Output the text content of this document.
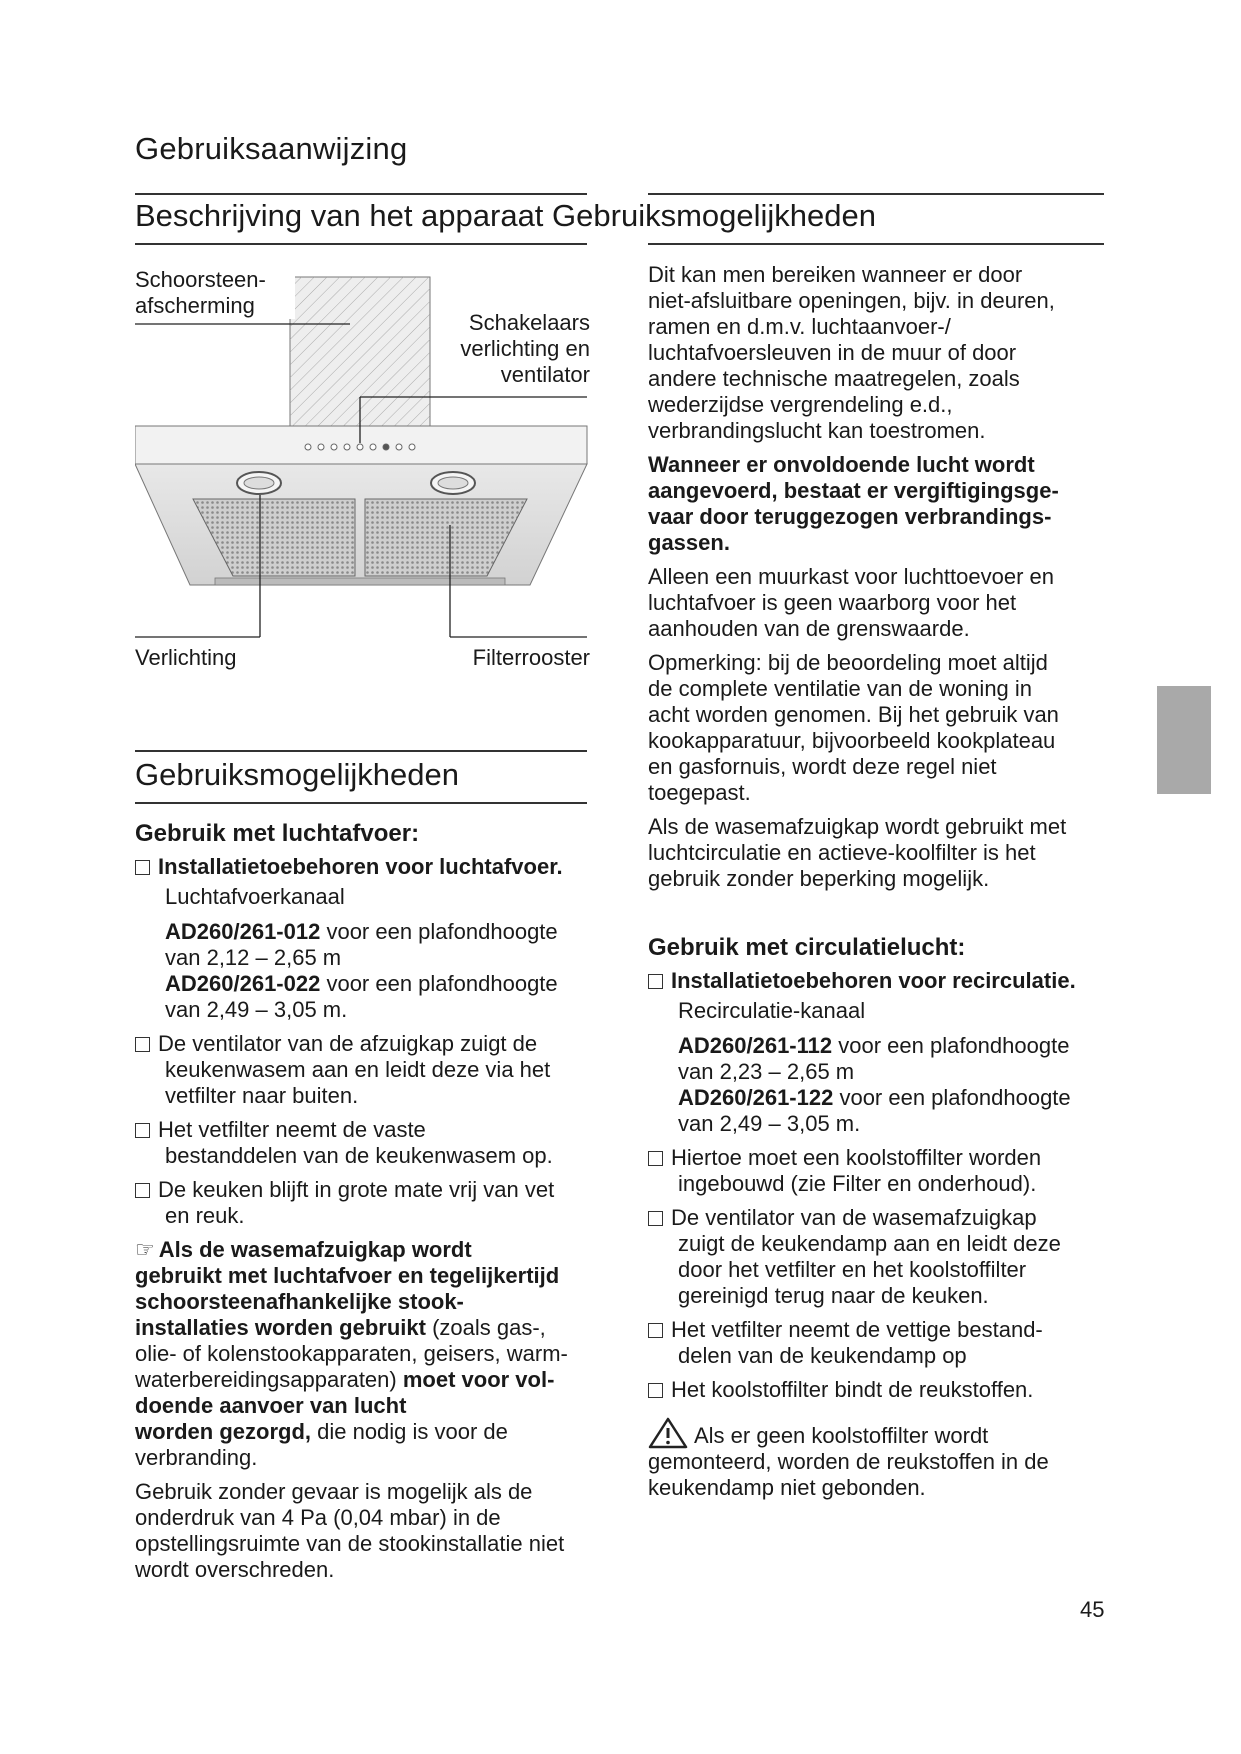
Gebruiksaanwijzing
Beschrijving van het apparaat Gebruiksmogelijkheden
Schoorsteen-
afscherming
Schakelaars
verlichting en
ventilator
Verlichting	Filterrooster
Gebruiksmogelijkheden
Gebruik met luchtafvoer:
Installatietoebehoren voor luchtafvoer.
Luchtafvoerkanaal
AD260/261-012 voor een plafondhoogte
van 2,12 – 2,65 m
AD260/261-022 voor een plafondhoogte
van 2,49 – 3,05 m.
De ventilator van de afzuigkap zuigt de
keukenwasem aan en leidt deze via het
vetfilter naar buiten.
Het vetfilter neemt de vaste
bestanddelen van de keukenwasem op.
De keuken blijft in grote mate vrij van vet
en reuk.
☞ Als de wasemafzuigkap wordt
gebruikt met luchtafvoer en tegelijkertijd
schoorsteenafhankelijke stook-
installaties worden gebruikt (zoals gas-,
olie- of kolenstookapparaten, geisers, warm-
waterbereidingsapparaten) moet voor vol-
doende aanvoer van lucht
worden gezorgd, die nodig is voor de
verbranding.
Gebruik zonder gevaar is mogelijk als de
onderdruk van 4 Pa (0,04 mbar) in de
opstellingsruimte van de stookinstallatie niet
wordt overschreden.
Dit kan men bereiken wanneer er door
niet-afsluitbare openingen, bijv. in deuren,
ramen en d.m.v. luchtaanvoer-/
luchtafvoersleuven in de muur of door
andere technische maatregelen, zoals
wederzijdse vergrendeling e.d.,
verbrandingslucht kan toestromen.
Wanneer er onvoldoende lucht wordt
aangevoerd, bestaat er vergiftigingsge-
vaar door teruggezogen verbrandings-
gassen.
Alleen een muurkast voor luchttoevoer en
luchtafvoer is geen waarborg voor het
aanhouden van de grenswaarde.
Opmerking: bij de beoordeling moet altijd
de complete ventilatie van de woning in
acht worden genomen. Bij het gebruik van
kookapparatuur, bijvoorbeeld kookplateau
en gasfornuis, wordt deze regel niet
toegepast.
Als de wasemafzuigkap wordt gebruikt met
luchtcirculatie en actieve-koolfilter is het
gebruik zonder beperking mogelijk.
Gebruik met circulatielucht:
Installatietoebehoren voor recirculatie.
Recirculatie-kanaal
AD260/261-112 voor een plafondhoogte
van 2,23 – 2,65 m
AD260/261-122 voor een plafondhoogte
van 2,49 – 3,05 m.
Hiertoe moet een koolstoffilter worden
ingebouwd (zie Filter en onderhoud).
De ventilator van de wasemafzuigkap
zuigt de keukendamp aan en leidt deze
door het vetfilter en het koolstoffilter
gereinigd terug naar de keuken.
Het vetfilter neemt de vettige bestand-
delen van de keukendamp op
Het koolstoffilter bindt de reukstoffen.
Als er geen koolstoffilter wordt
gemonteerd, worden de reukstoffen in de
keukendamp niet gebonden.
45
